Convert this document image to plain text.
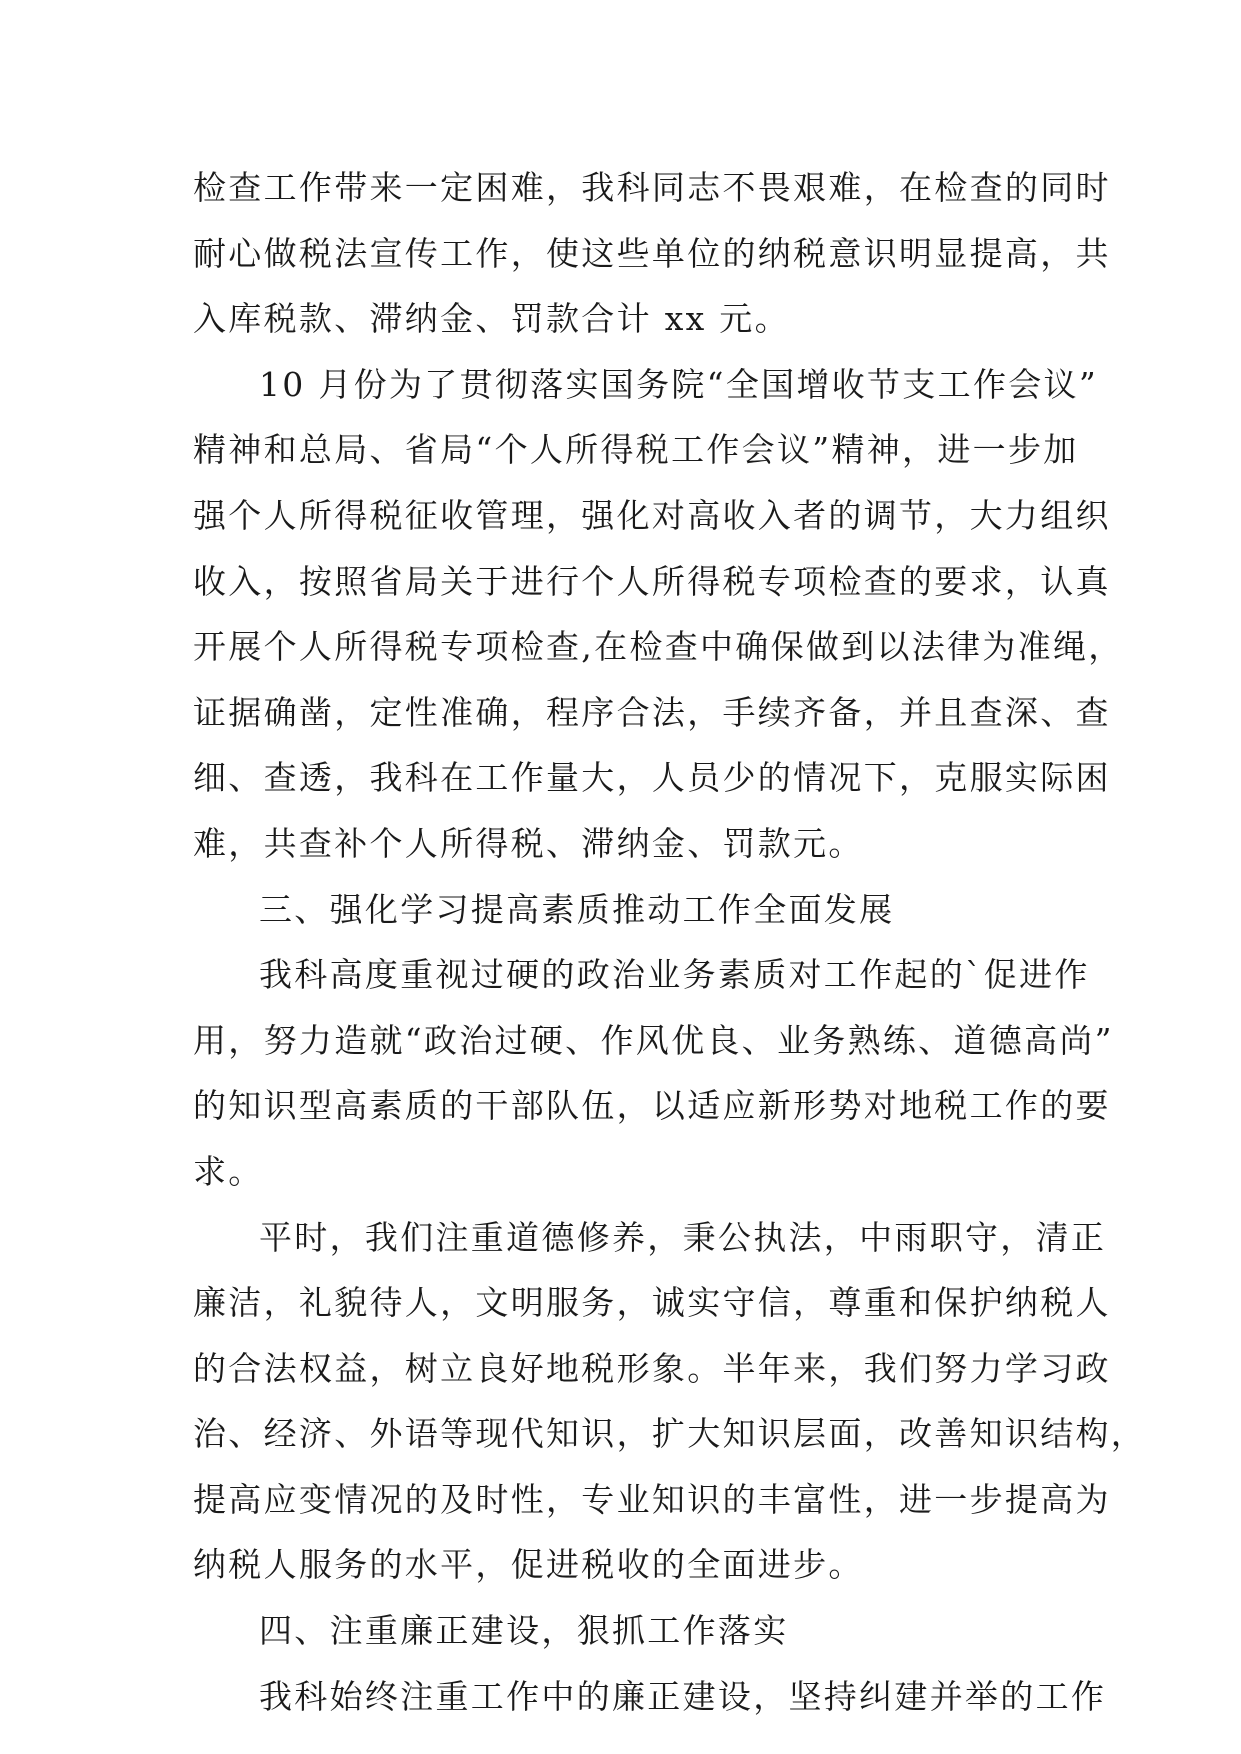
检查工作带来一定困难，我科同志不畏艰难，在检查的同时
耐心做税法宣传工作，使这些单位的纳税意识明显提高，共
入库税款、滞纳金、罚款合计 xx 元。
10 月份为了贯彻落实国务院“全国增收节支工作会议”
精神和总局、省局“个人所得税工作会议”精神，进一步加
强个人所得税征收管理，强化对高收入者的调节，大力组织
收入，按照省局关于进行个人所得税专项检查的要求，认真
开展个人所得税专项检查,在检查中确保做到以法律为准绳，
证据确凿，定性准确，程序合法，手续齐备，并且查深、查
细、查透，我科在工作量大，人员少的情况下，克服实际困
难，共查补个人所得税、滞纳金、罚款元。
三、强化学习提高素质推动工作全面发展
我科高度重视过硬的政治业务素质对工作起的`促进作
用，努力造就“政治过硬、作风优良、业务熟练、道德高尚”
的知识型高素质的干部队伍，以适应新形势对地税工作的要
求。
平时，我们注重道德修养，秉公执法，中雨职守，清正
廉洁，礼貌待人，文明服务，诚实守信，尊重和保护纳税人
的合法权益，树立良好地税形象。半年来，我们努力学习政
治、经济、外语等现代知识，扩大知识层面，改善知识结构，
提高应变情况的及时性，专业知识的丰富性，进一步提高为
纳税人服务的水平，促进税收的全面进步。
四、注重廉正建设，狠抓工作落实
我科始终注重工作中的廉正建设，坚持纠建并举的工作
